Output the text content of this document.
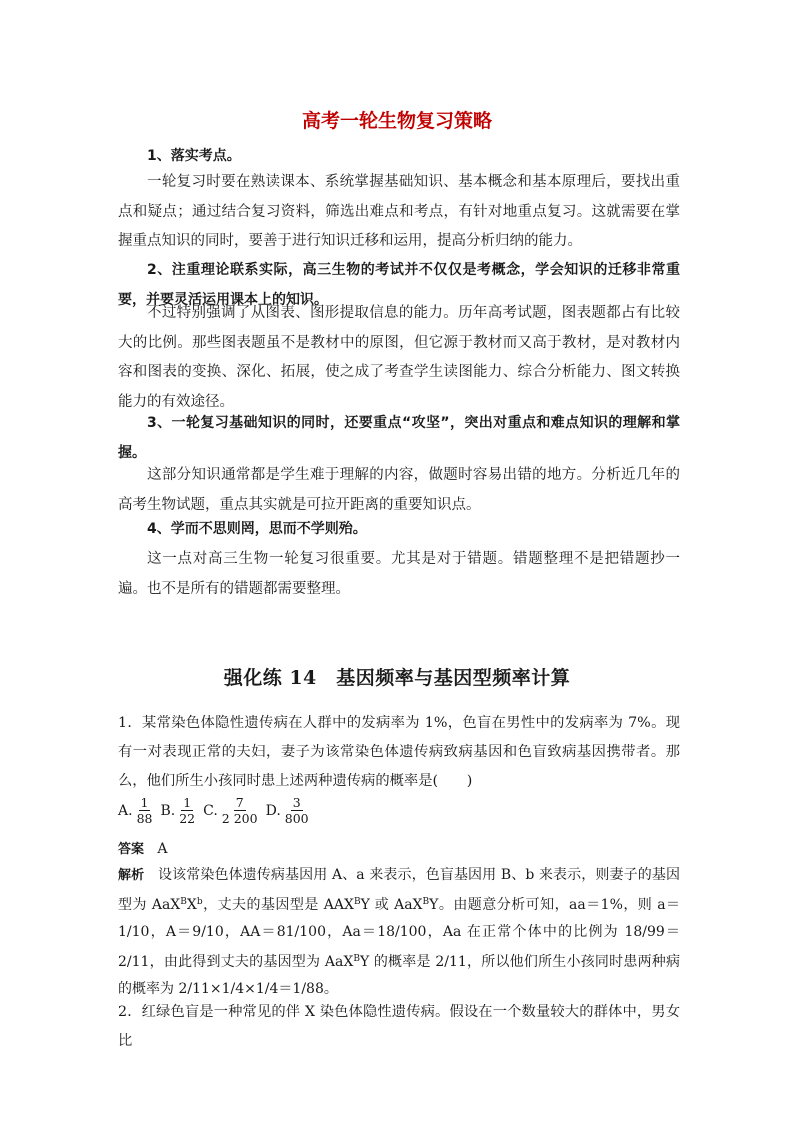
高考一轮生物复习策略

1、落实考点。

一轮复习时要在熟读课本、系统掌握基础知识、基本概念和基本原理后，要找出重点和疑点；通过结合复习资料，筛选出难点和考点，有针对地重点复习。这就需要在掌握重点知识的同时，要善于进行知识迁移和运用，提高分析归纳的能力。

2、注重理论联系实际，高三生物的考试并不仅仅是考概念，学会知识的迁移非常重要，并要灵活运用课本上的知识。

不过特别强调了从图表、图形提取信息的能力。历年高考试题，图表题都占有比较大的比例。那些图表题虽不是教材中的原图，但它源于教材而又高于教材，是对教材内容和图表的变换、深化、拓展，使之成了考查学生读图能力、综合分析能力、图文转换能力的有效途径。

3、一轮复习基础知识的同时，还要重点“攻坚”，突出对重点和难点知识的理解和掌握。

这部分知识通常都是学生难于理解的内容，做题时容易出错的地方。分析近几年的高考生物试题，重点其实就是可拉开距离的重要知识点。

4、学而不思则罔，思而不学则殆。

这一点对高三生物一轮复习很重要。尤其是对于错题。错题整理不是把错题抄一遍。也不是所有的错题都需要整理。

强化练 14　基因频率与基因型频率计算

1．某常染色体隐性遗传病在人群中的发病率为 1%，色盲在男性中的发病率为 7%。现有一对表现正常的夫妇，妻子为该常染色体遗传病致病基因和色盲致病基因携带者。那么，他们所生小孩同时患上述两种遗传病的概率是(　　)

A. $\frac{1}{88} B$. $\frac{1}{22} C$. $\frac{7}{2 200} D$. $\frac{3}{800}$
答案 A

解析 设该常染色体遗传病基因用 A、a 来表示，色盲基因用 B、b 来表示，则妻子的基因型为 $AaX^BX^b$，丈夫的基因型是 $AAX^BY$ 或 AaX$^B$Y。由题意分析可知，aa＝1%，则 a＝1/10，A＝9/10，AA＝81/100，Aa＝18/100，Aa 在正常个体中的比例为 18/99＝2/11，由此得到丈夫的基因型为 AaX$^B$Y 的概率是 2/11，所以他们所生小孩同时患两种病的概率为 2/11×1/4×1/4＝1/88。

2．红绿色盲是一种常见的伴 X 染色体隐性遗传病。假设在一个数量较大的群体中，男女比
